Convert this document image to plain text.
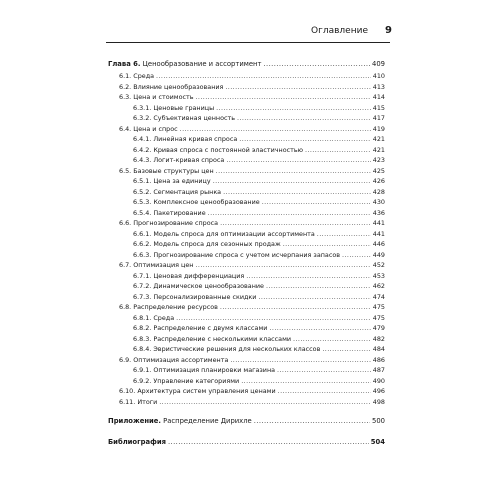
Оглавление 9
Глава 6. Ценообразование и ассортимент .....	409
6.1. Среда .....	410
6.2. Влияние ценообразования .....	413
6.3. Цена и стоимость .....	414
6.3.1. Ценовые границы .....	415
6.3.2. Субъективная ценность .....	417
6.4. Цена и спрос .....	419
6.4.1. Линейная кривая спроса .....	421
6.4.2. Кривая спроса с постоянной эластичностью .....	421
6.4.3. Логит-кривая спроса .....	423
6.5. Базовые структуры цен .....	425
6.5.1. Цена за единицу .....	426
6.5.2. Сегментация рынка .....	428
6.5.3. Комплексное ценообразование .....	430
6.5.4. Пакетирование .....	436
6.6. Прогнозирование спроса .....	441
6.6.1. Модель спроса для оптимизации ассортимента .....	441
6.6.2. Модель спроса для сезонных продаж .....	446
6.6.3. Прогнозирование спроса с учетом исчерпания запасов .....	449
6.7. Оптимизация цен .....	452
6.7.1. Ценовая дифференциация .....	453
6.7.2. Динамическое ценообразование .....	462
6.7.3. Персонализированные скидки .....	474
6.8. Распределение ресурсов .....	475
6.8.1. Среда .....	475
6.8.2. Распределение с двумя классами .....	479
6.8.3. Распределение с несколькими классами .....	482
6.8.4. Эвристические решения для нескольких классов .....	484
6.9. Оптимизация ассортимента .....	486
6.9.1. Оптимизация планировки магазина .....	487
6.9.2. Управление категориями .....	490
6.10. Архитектура систем управления ценами .....	496
6.11. Итоги .....	498
Приложение. Распределение Дирихле .....	500
Библиография .....	504
